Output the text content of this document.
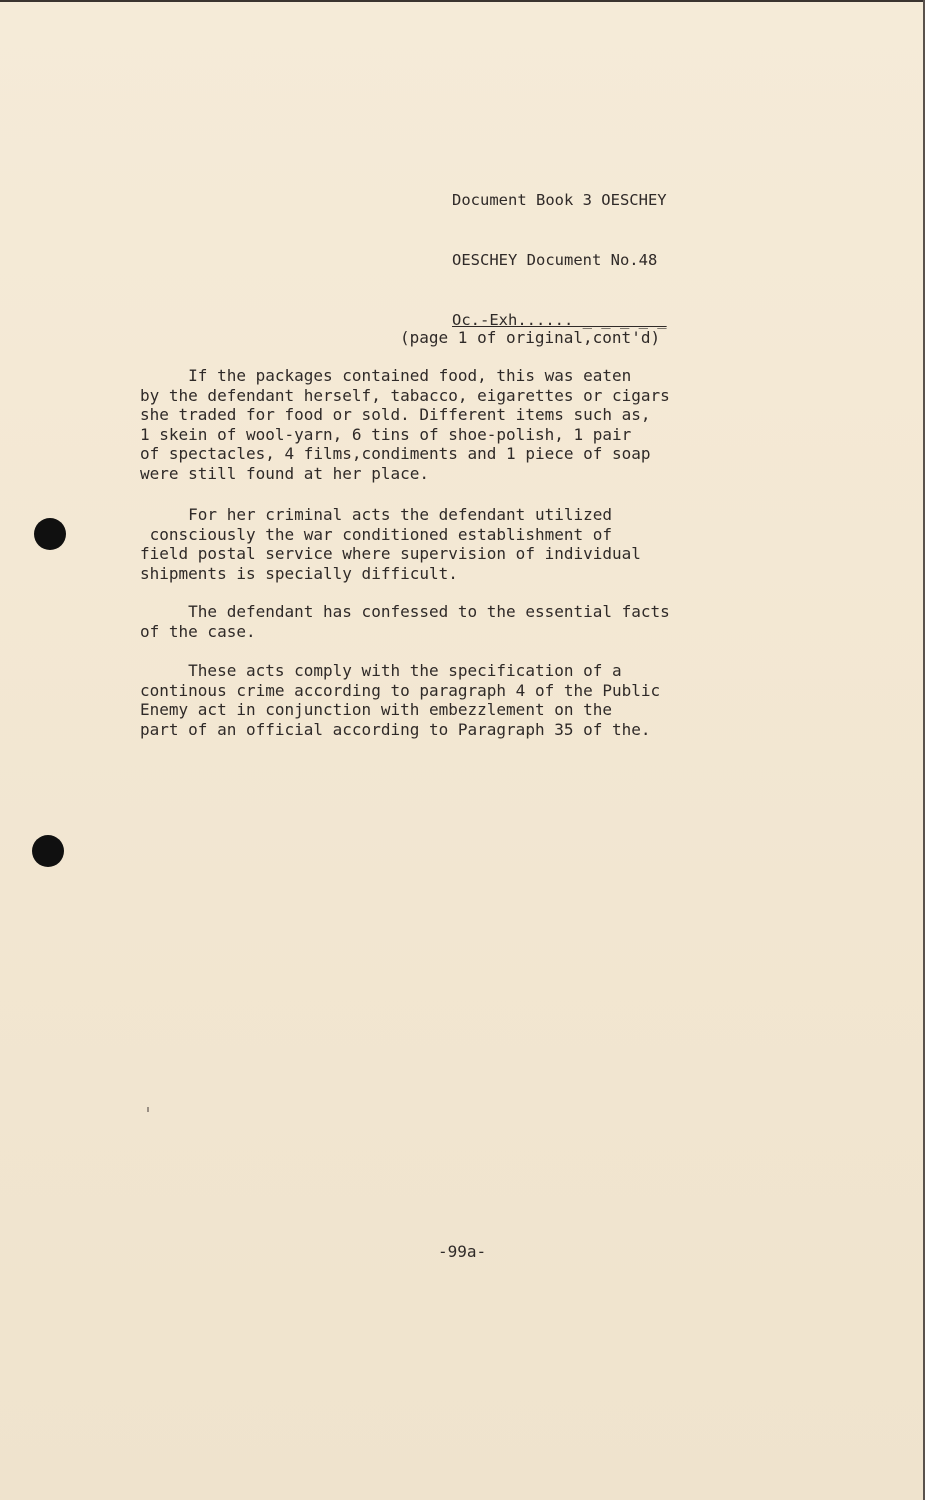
Document Book 3 OESCHEY

OESCHEY Document No.48

Oc.-Exh...... _ _ _ _ _

(page 1 of original,cont'd)
If the packages contained food, this was eaten
by the defendant herself, tabacco, eigarettes or cigars
she traded for food or sold. Different items such as,
1 skein of wool-yarn, 6 tins of shoe-polish, 1 pair
of spectacles, 4 films,condiments and 1 piece of soap
were still found at her place.
For her criminal acts the defendant utilized
consciously the war conditioned establishment of
field postal service where supervision of individual
shipments is specially difficult.
The defendant has confessed to the essential facts
of the case.
These acts comply with the specification of a
continous crime according to paragraph 4 of the Public
Enemy act in conjunction with embezzlement on the
part of an official according to Paragraph 35 of the.
-99a-
